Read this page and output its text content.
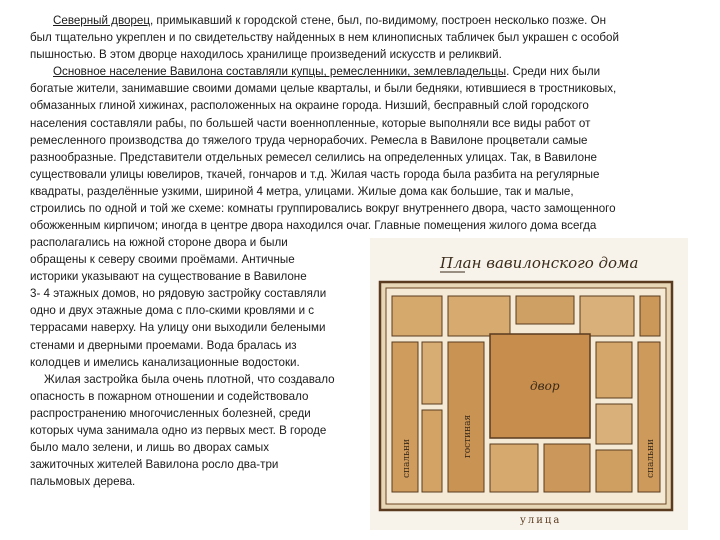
Северный дворец, примыкавший к городской стене, был, по-видимому, построен несколько позже. Он
был тщательно укреплен и по свидетельству найденных в нем клинописных табличек был украшен с особой
пышностью. В этом дворце находилось хранилище произведений искусств и реликвий.
Основное население Вавилона составляли купцы, ремесленники, землевладельцы. Среди них были
богатые жители, занимавшие своими домами целые кварталы, и были бедняки, ютившиеся в тростниковых,
обмазанных глиной хижинах, расположенных на окраине города. Низший, бесправный слой городского
населения составляли рабы, по большей части военнопленные, которые выполняли все виды работ от
ремесленного производства до тяжелого труда чернорабочих. Ремесла в Вавилоне процветали самые
разнообразные. Представители отдельных ремесел селились на определенных улицах. Так, в Вавилоне
существовали улицы ювелиров, ткачей, гончаров и т.д. Жилая часть города была разбита на регулярные
квадраты, разделённые узкими, шириной 4 метра, улицами. Жилые дома как большие, так и малые,
строились по одной и той же схеме: комнаты группировались вокруг внутреннего двора, часто замощенного
обожженным кирпичом; иногда в центре двора находился очаг. Главные помещения жилого дома всегда
располагались на южной стороне двора и были
обращены к северу своими проёмами. Античные
историки указывают на существование в Вавилоне
3- 4 этажных домов, но рядовую застройку составляли
одно и двух этажные дома с пло-скими кровлями и с
террасами наверху. На улицу они выходили белеными
стенами и дверными проемами. Вода бралась из
колодцев и имелись канализационные водостоки.
Жилая застройка была очень плотной, что создавало
опасность в пожарном отношении и содействовало
распространению многочисленных болезней, среди
которых чума занимала одно из первых мест. В городе
было мало зелени, и лишь во дворах самых
зажиточных жителей Вавилона росло два-три
пальмовых дерева.
План вавилонского дома
двор
спальни
гостиная
спальни
улица
